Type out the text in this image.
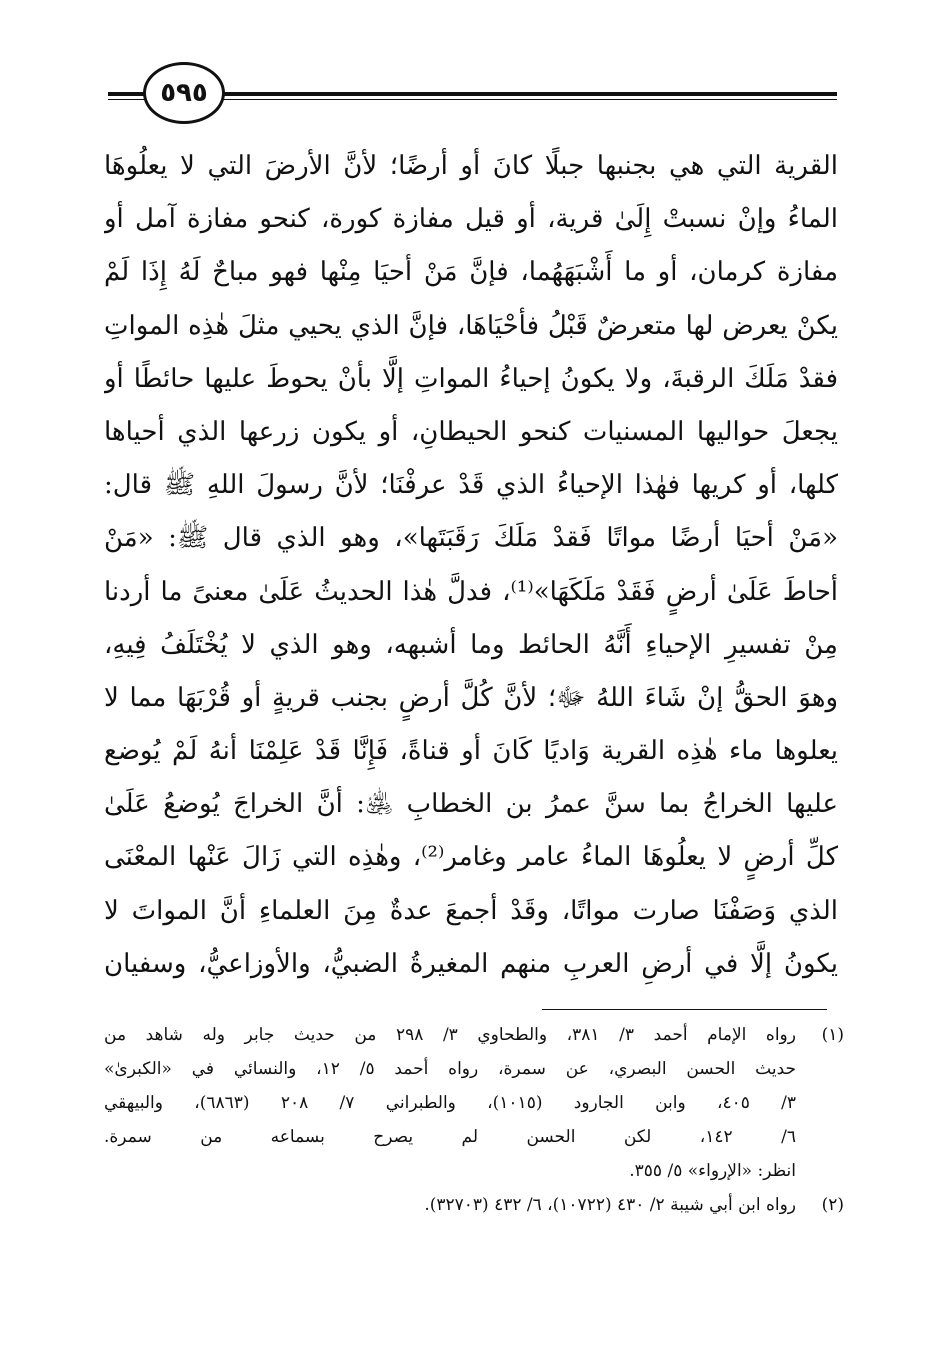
٥٩٥
القرية التي هي بجنبها جبلًا كانَ أو أرضًا؛ لأنَّ الأرضَ التي لا يعلُوهَا
الماءُ وإنْ نسبتْ إِلَىٰ قرية، أو قيل مفازة كورة، كنحو مفازة آمل أو
مفازة كرمان، أو ما أَشْبَهَهُما، فإنَّ مَنْ أحيَا مِنْها فهو مباحٌ لَهُ إِذَا لَمْ
يكنْ يعرض لها متعرضٌ قَبْلُ فأحْيَاهَا، فإنَّ الذي يحيي مثلَ هٰذِه المواتِ
فقدْ مَلَكَ الرقبةَ، ولا يكونُ إحياءُ المواتِ إلَّا بأنْ يحوطَ عليها حائطًا أو
يجعلَ حواليها المسنيات كنحو الحيطانِ، أو يكون زرعها الذي أحياها
كلها، أو كريها فهٰذا الإحياءُ الذي قَدْ عرفْنَا؛ لأنَّ رسولَ اللهِ ﷺ قال:
«مَنْ أحيَا أرضًا مواتًا فَقدْ مَلَكَ رَقَبَتَها»، وهو الذي قال ﷺ: «مَنْ
أحاطَ عَلَىٰ أرضٍ فَقَدْ مَلَكَهَا»⁽¹⁾، فدلَّ هٰذا الحديثُ عَلَىٰ معنىً ما أردنا
مِنْ تفسيرِ الإحياءِ أَنَّهُ الحائط وما أشبهه، وهو الذي لا يُخْتَلَفُ فِيهِ،
وهوَ الحقُّ إنْ شَاءَ اللهُ ﷻ؛ لأنَّ كُلَّ أرضٍ بجنب قريةٍ أو قُرْبَهَا مما لا
يعلوها ماء هٰذِه القرية وَاديًا كَانَ أو قناةً، فَإِنَّا قَدْ عَلِمْنَا أنهُ لَمْ يُوضع
عليها الخراجُ بما سنَّ عمرُ بن الخطابِ ﵁: أنَّ الخراجَ يُوضعُ عَلَىٰ
كلِّ أرضٍ لا يعلُوهَا الماءُ عامر وغامر⁽²⁾، وهٰذِه التي زَالَ عَنْها المعْنَى
الذي وَصَفْنَا صارت مواتًا، وقَدْ أجمعَ عدةٌ مِنَ العلماءِ أنَّ المواتَ لا
يكونُ إلَّا في أرضِ العربِ منهم المغيرةُ الضبيُّ، والأوزاعيُّ، وسفيان
(١)
رواه الإمام أحمد ٣/ ٣٨١، والطحاوي ٣/ ٢٩٨ من حديث جابر وله شاهد من
حديث الحسن البصري، عن سمرة، رواه أحمد ٥/ ١٢، والنسائي في «الكبرىٰ»
٣/ ٤٠٥، وابن الجارود (١٠١٥)، والطبراني ٧/ ٢٠٨ (٦٨٦٣)، والبيهقي
٦/ ١٤٢، لكن الحسن لم يصرح بسماعه من سمرة.
انظر: «الإرواء» ٥/ ٣٥٥.
(٢)
رواه ابن أبي شيبة ٢/ ٤٣٠ (١٠٧٢٢)، ٦/ ٤٣٢ (٣٢٧٠٣).
